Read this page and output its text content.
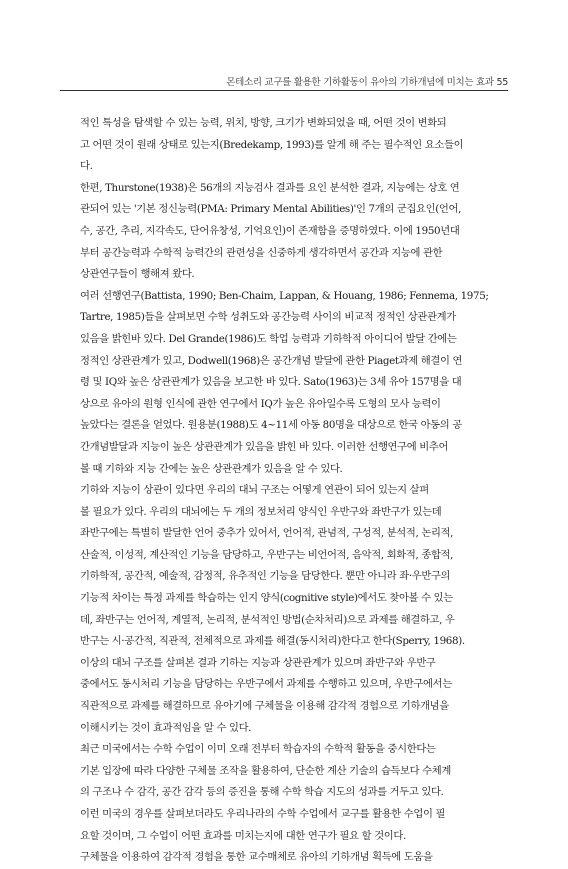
몬테소리 교구를 활용한 기하활동이 유아의 기하개념에 미치는 효과 55
적인 특성을 탐색할 수 있는 능력, 위치, 방향, 크기가 변화되었을 때, 어떤 것이 변화되
고 어떤 것이 원래 상태로 있는지(Bredekamp, 1993)를 알게 해 주는 필수적인 요소들이
다.
한편, Thurstone(1938)은 56개의 지능검사 결과를 요인 분석한 결과, 지능에는 상호 연
관되어 있는 '기본 정신능력(PMA: Primary Mental Abilities)'인 7개의 군집요인(언어,
수, 공간, 추리, 지각속도, 단어유창성, 기억요인)이 존재함을 증명하였다. 이에 1950년대
부터 공간능력과 수학적 능력간의 관련성을 신중하게 생각하면서 공간과 지능에 관한
상관연구들이 행해져 왔다.
여러 선행연구(Battista, 1990; Ben-Chaim, Lappan, & Houang, 1986; Fennema, 1975;
Tartre, 1985)들을 살펴보면 수학 성취도와 공간능력 사이의 비교적 정적인 상관관계가
있음을 밝힌바 있다. Del Grande(1986)도 학업 능력과 기하학적 아이디어 발달 간에는
정적인 상관관계가 있고, Dodwell(1968)은 공간개념 발달에 관한 Piaget과제 해결이 연
령 및 IQ와 높은 상관관계가 있음을 보고한 바 있다. Sato(1963)는 3세 유아 157명을 대
상으로 유아의 원형 인식에 관한 연구에서 IQ가 높은 유아일수록 도형의 모사 능력이
높았다는 결론을 얻었다. 원용분(1988)도 4~11세 아동 80명을 대상으로 한국 아동의 공
간개념발달과 지능이 높은 상관관계가 있음을 밝힌 바 있다. 이러한 선행연구에 비추어
볼 때 기하와 지능 간에는 높은 상관관계가 있음을 알 수 있다.
기하와 지능이 상관이 있다면 우리의 대뇌 구조는 어떻게 연관이 되어 있는지 살펴
볼 필요가 있다. 우리의 대뇌에는 두 개의 정보처리 양식인 우반구와 좌반구가 있는데
좌반구에는 특별히 발달한 언어 중추가 있어서, 언어적, 관념적, 구성적, 분석적, 논리적,
산술적, 이성적, 계산적인 기능을 담당하고, 우반구는 비언어적, 음악적, 회화적, 종합적,
기하학적, 공간적, 예술적, 감정적, 유추적인 기능을 담당한다. 뿐만 아니라 좌·우반구의
기능적 차이는 특정 과제를 학습하는 인지 양식(cognitive style)에서도 찾아볼 수 있는
데, 좌반구는 언어적, 계열적, 논리적, 분석적인 방법(순차처리)으로 과제를 해결하고, 우
반구는 시·공간적, 직관적, 전체적으로 과제를 해결(동시처리)한다고 한다(Sperry, 1968).
이상의 대뇌 구조를 살펴본 결과 기하는 지능과 상관관계가 있으며 좌반구와 우반구
중에서도 동시처리 기능을 담당하는 우반구에서 과제를 수행하고 있으며, 우반구에서는
직관적으로 과제를 해결하므로 유아기에 구체물을 이용해 감각적 경험으로 기하개념을
이해시키는 것이 효과적임을 알 수 있다.
최근 미국에서는 수학 수업이 이미 오래 전부터 학습자의 수학적 활동을 중시한다는
기본 입장에 따라 다양한 구체물 조작을 활용하여, 단순한 계산 기술의 습득보다 수체계
의 구조나 수 감각, 공간 감각 등의 증진을 통해 수학 학습 지도의 성과를 거두고 있다.
이런 미국의 경우를 살펴보더라도 우리나라의 수학 수업에서 교구를 활용한 수업이 필
요할 것이며, 그 수업이 어떤 효과를 미치는지에 대한 연구가 필요 할 것이다.
구체물을 이용하여 감각적 경험을 통한 교수매체로 유아의 기하개념 획득에 도움을
